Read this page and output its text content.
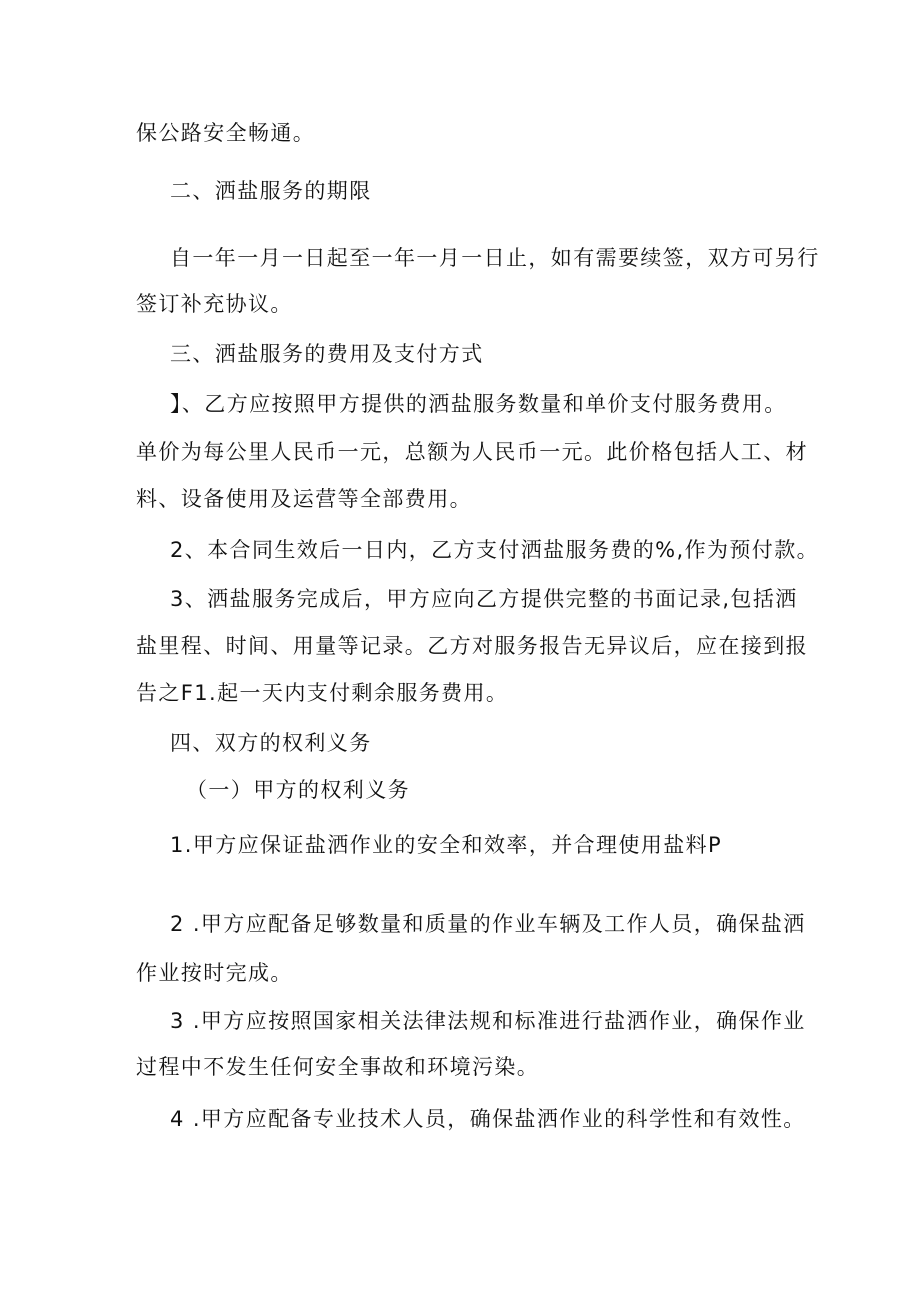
保公路安全畅通。
二、洒盐服务的期限
自一年一月一日起至一年一月一日止，如有需要续签，双方可另行
签订补充协议。
三、洒盐服务的费用及支付方式
】、乙方应按照甲方提供的洒盐服务数量和单价支付服务费用。
单价为每公里人民币一元，总额为人民币一元。此价格包括人工、材
料、设备使用及运营等全部费用。
2、本合同生效后一日内，乙方支付洒盐服务费的%,作为预付款。
3、洒盐服务完成后，甲方应向乙方提供完整的书面记录,包括洒
盐里程、时间、用量等记录。乙方对服务报告无异议后，应在接到报
告之F1.起一天内支付剩余服务费用。
四、双方的权利义务
（一）甲方的权利义务
1.甲方应保证盐洒作业的安全和效率，并合理使用盐料P
2 .甲方应配备足够数量和质量的作业车辆及工作人员，确保盐洒
作业按时完成。
3 .甲方应按照国家相关法律法规和标准进行盐洒作业，确保作业
过程中不发生任何安全事故和环境污染。
4 .甲方应配备专业技术人员，确保盐洒作业的科学性和有效性。
